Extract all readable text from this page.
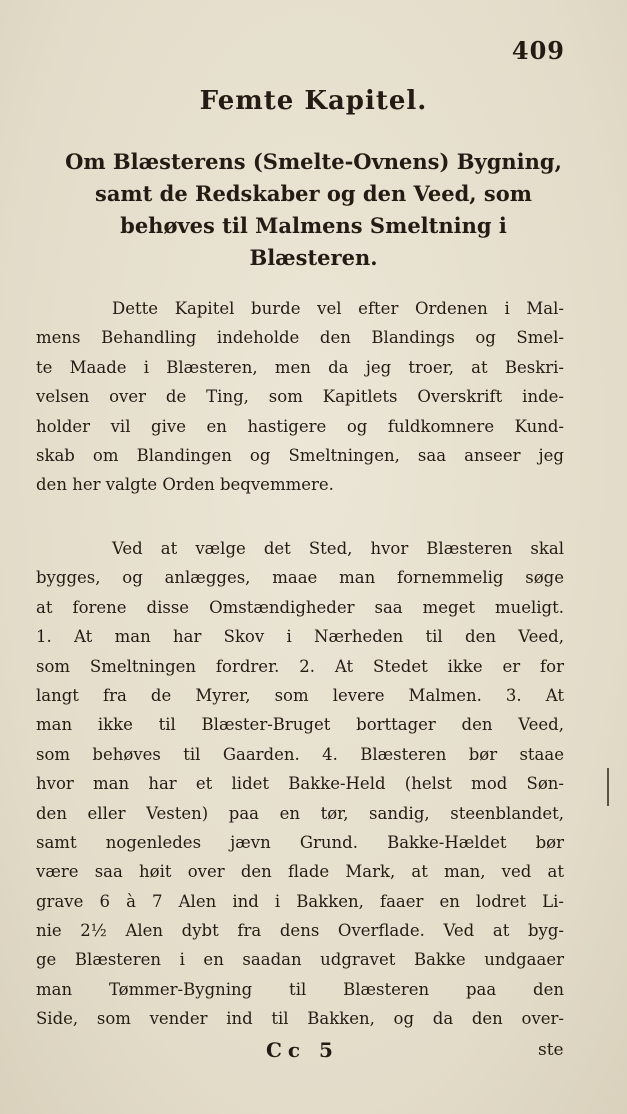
409
Femte Kapitel.
Om Blæsterens (Smelte-Ovnens) Bygning,
samt de Redskaber og den Veed, som
behøves til Malmens Smeltning i
Blæsteren.
Dette Kapitel burde vel efter Ordenen i Mal-
mens Behandling indeholde den Blandings og Smel-
te Maade i Blæsteren, men da jeg troer, at Beskri-
velsen over de Ting, som Kapitlets Overskrift inde-
holder vil give en hastigere og fuldkomnere Kund-
skab om Blandingen og Smeltningen, saa anseer jeg
den her valgte Orden beqvemmere.
Ved at vælge det Sted, hvor Blæsteren skal
bygges, og anlægges, maae man fornemmelig søge
at forene disse Omstændigheder saa meget mueligt.
1. At man har Skov i Nærheden til den Veed,
som Smeltningen fordrer. 2. At Stedet ikke er for
langt fra de Myrer, som levere Malmen. 3. At
man ikke til Blæster-Bruget borttager den Veed,
som behøves til Gaarden. 4. Blæsteren bør staae
hvor man har et lidet Bakke-Held (helst mod Søn-
den eller Vesten) paa en tør, sandig, steenblandet,
samt nogenledes jævn Grund. Bakke-Hældet bør
være saa høit over den flade Mark, at man, ved at
grave 6 à 7 Alen ind i Bakken, faaer en lodret Li-
nie 2½ Alen dybt fra dens Overflade. Ved at byg-
ge Blæsteren i en saadan udgravet Bakke undgaaer
man Tømmer-Bygning til Blæsteren paa den
Side, som vender ind til Bakken, og da den over-
Cc 5	ste
